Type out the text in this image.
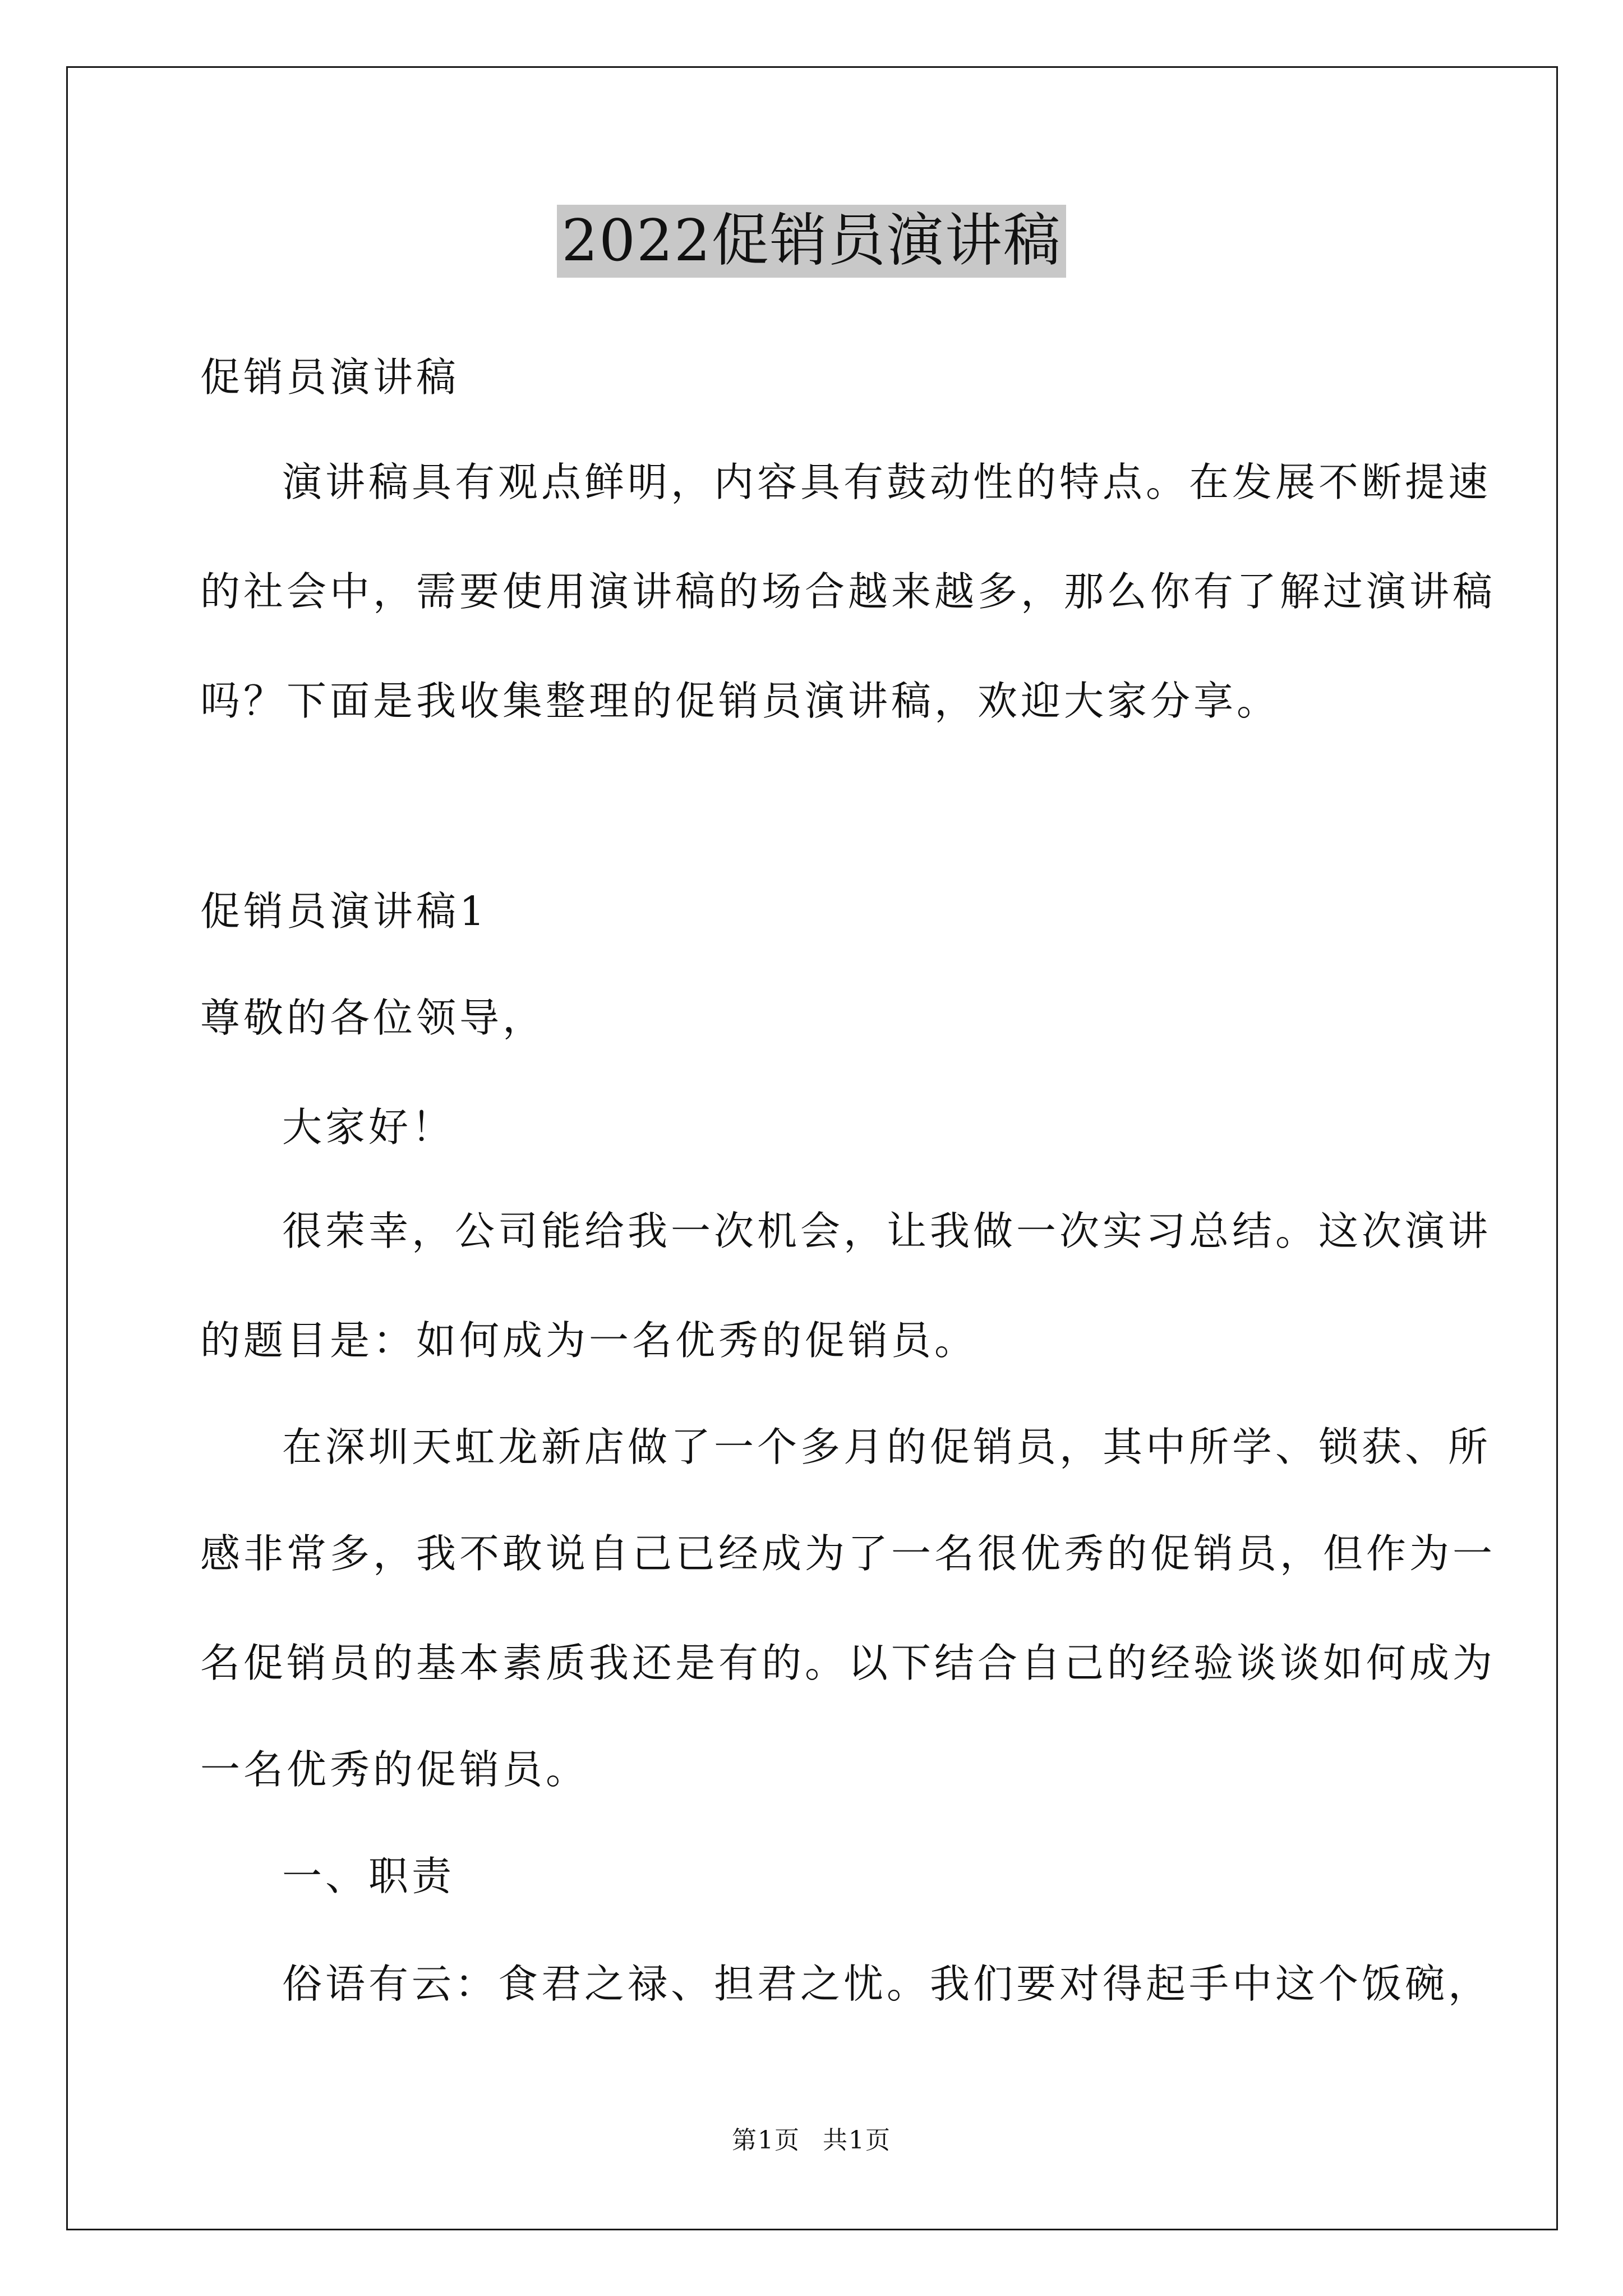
2022促销员演讲稿
促销员演讲稿
演讲稿具有观点鲜明，内容具有鼓动性的特点。在发展不断提速
的社会中，需要使用演讲稿的场合越来越多，那么你有了解过演讲稿
吗？下面是我收集整理的促销员演讲稿，欢迎大家分享。
促销员演讲稿1
尊敬的各位领导，
大家好！
很荣幸，公司能给我一次机会，让我做一次实习总结。这次演讲
的题目是：如何成为一名优秀的促销员。
在深圳天虹龙新店做了一个多月的促销员，其中所学、锁获、所
感非常多，我不敢说自己已经成为了一名很优秀的促销员，但作为一
名促销员的基本素质我还是有的。以下结合自己的经验谈谈如何成为
一名优秀的促销员。
一、职责
俗语有云：食君之禄、担君之忧。我们要对得起手中这个饭碗，
第1页 共1页
